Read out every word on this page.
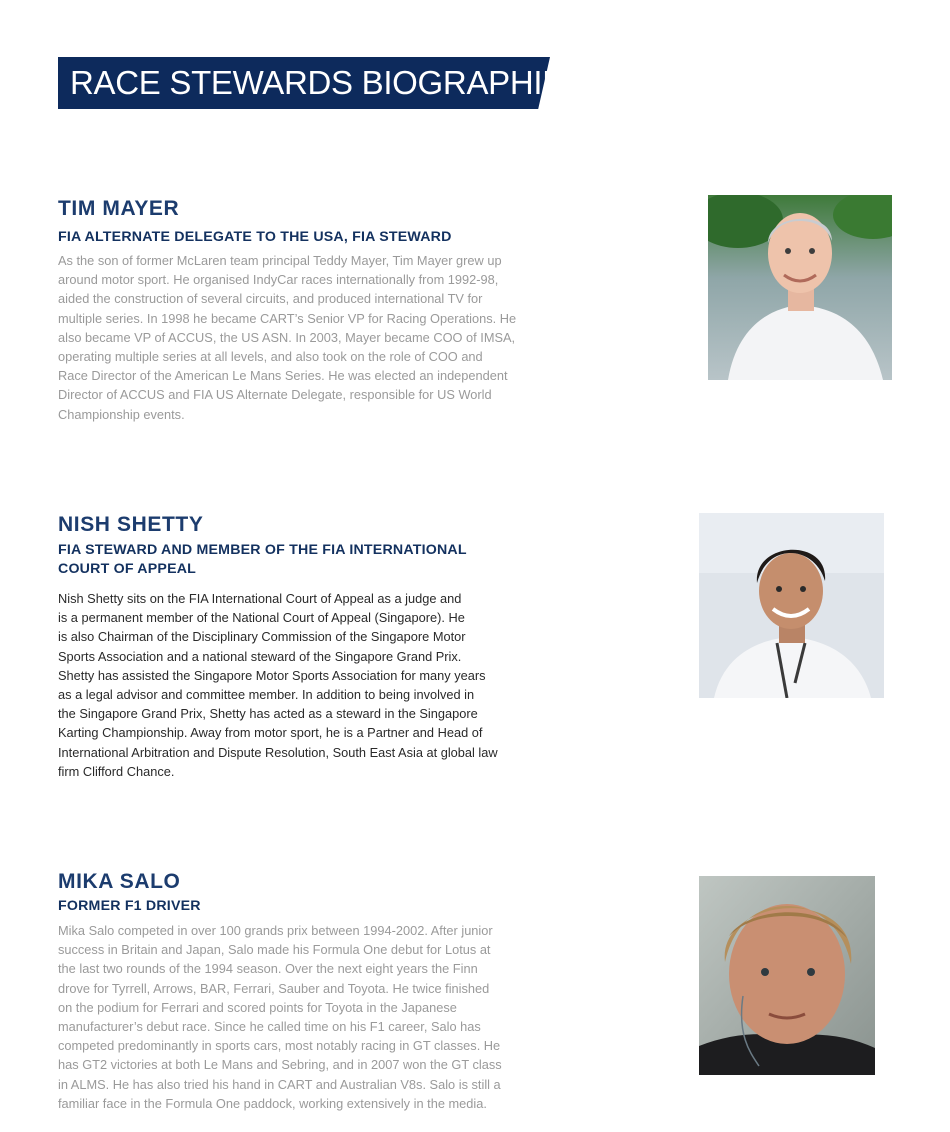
RACE STEWARDS BIOGRAPHIES
TIM MAYER
FIA ALTERNATE DELEGATE TO THE USA, FIA STEWARD
As the son of former McLaren team principal Teddy Mayer, Tim Mayer grew up
around motor sport. He organised IndyCar races internationally from 1992-98,
aided the construction of several circuits, and produced international TV for
multiple series. In 1998 he became CART’s Senior VP for Racing Operations. He
also became VP of ACCUS, the US ASN. In 2003, Mayer became COO of IMSA,
operating multiple series at all levels, and also took on the role of COO and
Race Director of the American Le Mans Series. He was elected an independent
Director of ACCUS and FIA US Alternate Delegate, responsible for US World
Championship events.
NISH SHETTY
FIA STEWARD AND MEMBER OF THE FIA INTERNATIONAL
COURT OF APPEAL
Nish Shetty sits on the FIA International Court of Appeal as a judge and
is a permanent member of the National Court of Appeal (Singapore). He
is also Chairman of the Disciplinary Commission of the Singapore Motor
Sports Association and a national steward of the Singapore Grand Prix.
Shetty has assisted the Singapore Motor Sports Association for many years
as a legal advisor and committee member. In addition to being involved in
the Singapore Grand Prix, Shetty has acted as a steward in the Singapore
Karting Championship. Away from motor sport, he is a Partner and Head of
International Arbitration and Dispute Resolution, South East Asia at global law
firm Clifford Chance.
MIKA SALO
FORMER F1 DRIVER
Mika Salo competed in over 100 grands prix between 1994-2002. After junior
success in Britain and Japan, Salo made his Formula One debut for Lotus at
the last two rounds of the 1994 season. Over the next eight years the Finn
drove for Tyrrell, Arrows, BAR, Ferrari, Sauber and Toyota. He twice finished
on the podium for Ferrari and scored points for Toyota in the Japanese
manufacturer’s debut race. Since he called time on his F1 career, Salo has
competed predominantly in sports cars, most notably racing in GT classes. He
has GT2 victories at both Le Mans and Sebring, and in 2007 won the GT class
in ALMS. He has also tried his hand in CART and Australian V8s. Salo is still a
familiar face in the Formula One paddock, working extensively in the media.
